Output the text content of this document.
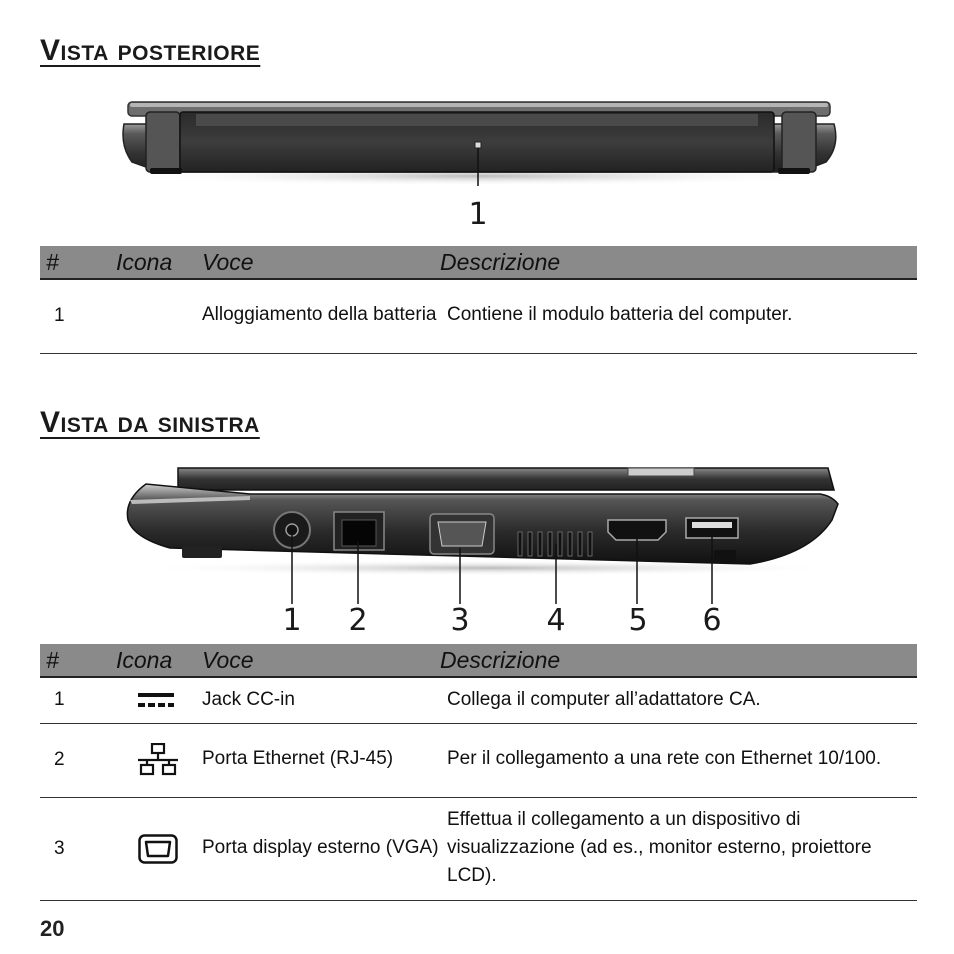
Vista posteriore
1
#	Icona	Voce	Descrizione
1		Alloggiamento della batteria	Contiene il modulo batteria del computer.
Vista da sinistra
1 2	3	4 5 6
#	Icona	Voce	Descrizione
1		Jack CC-in	Collega il computer all’adattatore CA.
2		Porta Ethernet (RJ-45)	Per il collegamento a una rete con Ethernet 10/100.
3		Porta display esterno (VGA)	Effettua il collegamento a un dispositivo di visualizzazione (ad es., monitor esterno, proiettore LCD).
20
